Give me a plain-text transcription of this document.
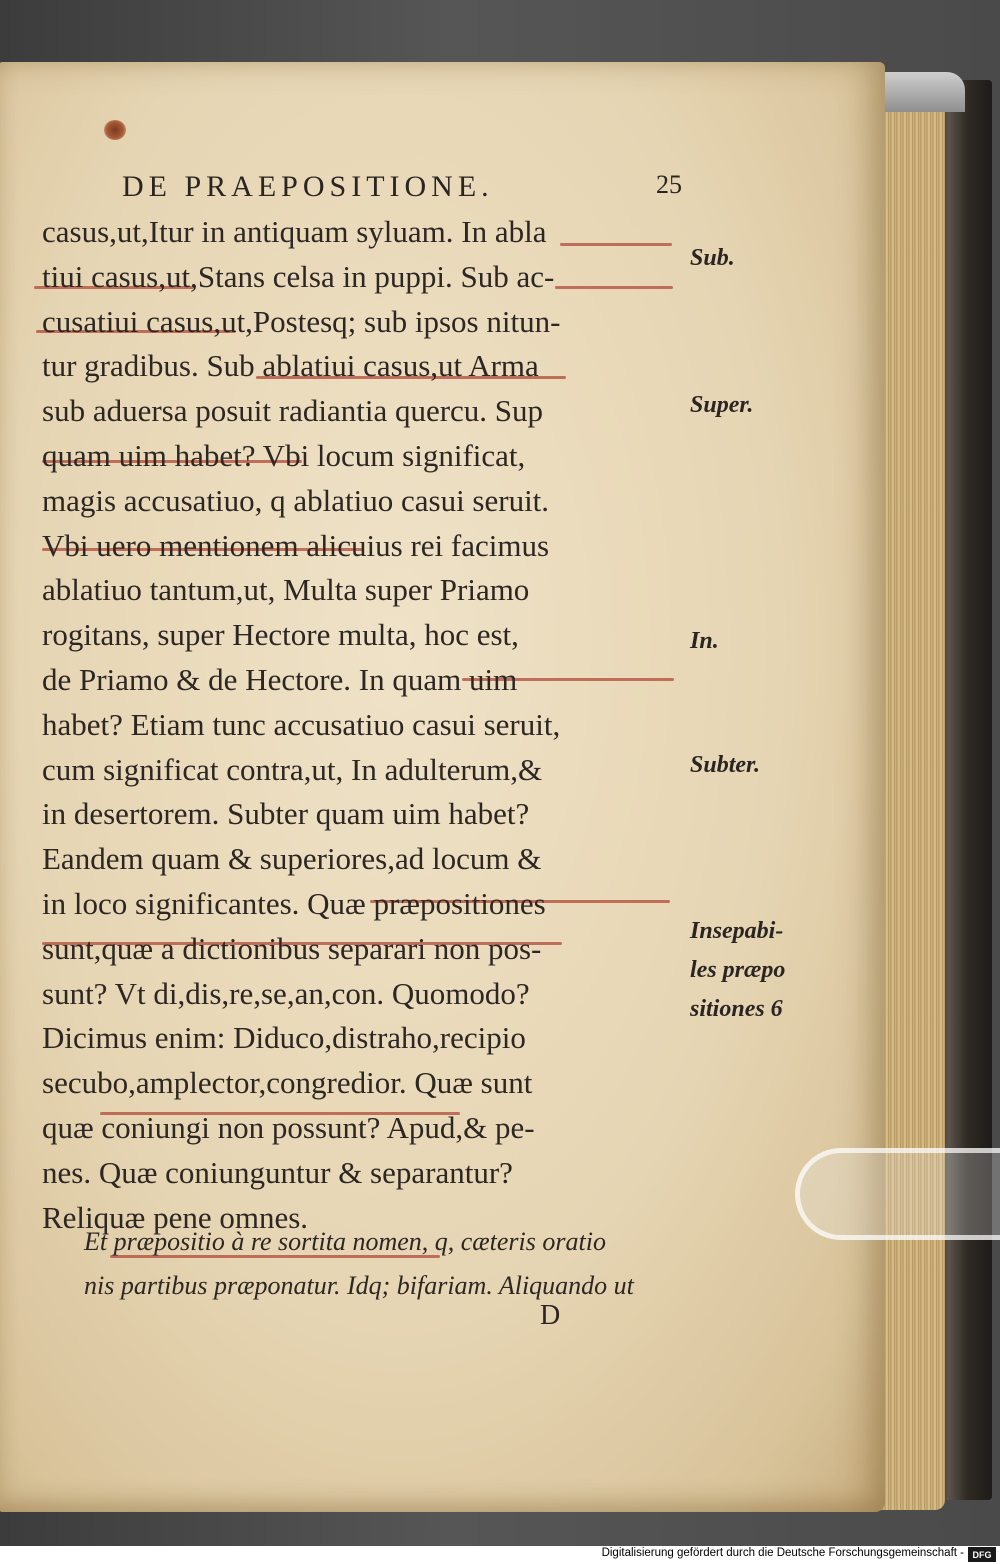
DE PRAEPOSITIONE.	25
casus,ut,Itur in antiquam syluam. In abla
tiui casus,ut,Stans celsa in puppi. Sub ac-
cusatiui casus,ut,Postesq; sub ipsos nitun-
tur gradibus. Sub ablatiui casus,ut Arma
sub aduersa posuit radiantia quercu. Sup
quam uim habet? Vbi locum significat,
magis accusatiuo, q ablatiuo casui seruit.
Vbi uero mentionem alicuius rei facimus
ablatiuo tantum,ut, Multa super Priamo
rogitans, super Hectore multa, hoc est,
de Priamo & de Hectore. In quam uim
habet? Etiam tunc accusatiuo casui seruit,
cum significat contra,ut, In adulterum,&
in desertorem. Subter quam uim habet?
Eandem quam & superiores,ad locum &
in loco significantes. Quæ præpositiones
sunt,quæ a dictionibus separari non pos-
sunt? Vt di,dis,re,se,an,con. Quomodo?
Dicimus enim: Diduco,distraho,recipio
secubo,amplector,congredior. Quæ sunt
quæ coniungi non possunt? Apud,& pe-
nes. Quæ coniunguntur & separantur?
Reliquæ pene omnes.
Sub.
Super.
In.
Subter.
Insepabi-
les præpo
sitiones 6
Et præpositio à re sortita nomen, q, cæteris oratio
nis partibus præponatur. Idq; bifariam. Aliquando ut
D
Digitalisierung gefördert durch die Deutsche Forschungsgemeinschaft - DFG
